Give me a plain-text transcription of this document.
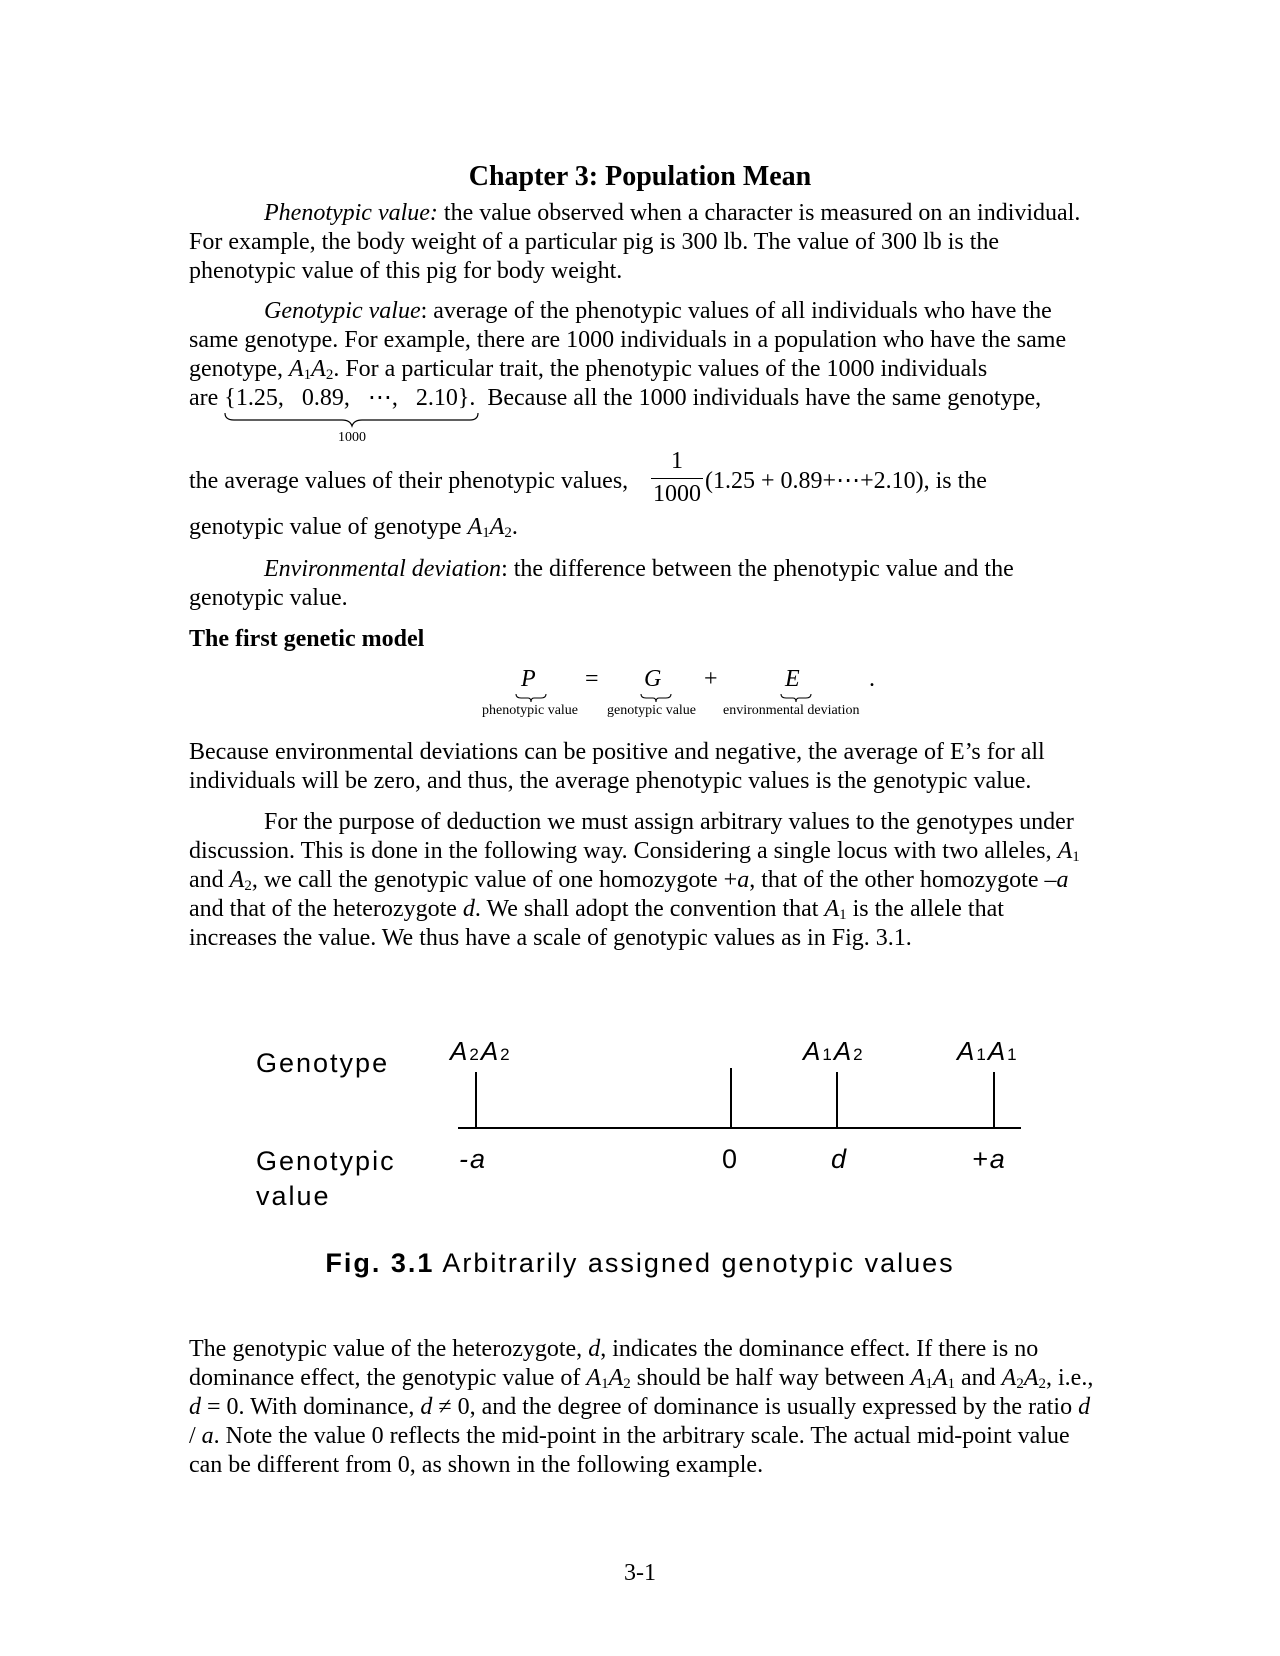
Chapter 3: Population Mean
Phenotypic value: the value observed when a character is measured on an individual. For example, the body weight of a particular pig is 300 lb. The value of 300 lb is the phenotypic value of this pig for body weight.
Genotypic value: average of the phenotypic values of all individuals who have the same genotype. For example, there are 1000 individuals in a population who have the same genotype, $A_1A_2$. For a particular trait, the phenotypic values of the 1000 individuals
are {1.25,   0.89,   ⋯,   2.10}.  Because all the 1000 individuals have the same genotype,
1000
the average values of their phenotypic values,
1
1000 (1.25 + 0.89+⋯+2.10), is the
genotypic value of genotype $A_1A_2$.
Environmental deviation: the difference between the phenotypic value and the genotypic value.
The first genetic model
P = G +	E	.
phenotypic value genotypic value environmental deviation
Because environmental deviations can be positive and negative, the average of E’s for all individuals will be zero, and thus, the average phenotypic values is the genotypic value.
For the purpose of deduction we must assign arbitrary values to the genotypes under discussion. This is done in the following way. Considering a single locus with two alleles, $A_1$ and $A_2$, we call the genotypic value of one homozygote +a, that of the other homozygote –a and that of the heterozygote d. We shall adopt the convention that $A_1$ is the allele that increases the value. We thus have a scale of genotypic values as in Fig. 3.1.
Genotype
Genotypic
value
A2A2	A1A2	A1A1
-a	0	d	+a
Fig. 3.1 Arbitrarily assigned genotypic values
The genotypic value of the heterozygote, d, indicates the dominance effect. If there is no dominance effect, the genotypic value of $A_1A_2$ should be half way between $A_1A_1$ and $A_2A_2$, i.e., d = 0. With dominance, d ≠ 0, and the degree of dominance is usually expressed by the ratio d / a. Note the value 0 reflects the mid-point in the arbitrary scale. The actual mid-point value can be different from 0, as shown in the following example.
3-1
